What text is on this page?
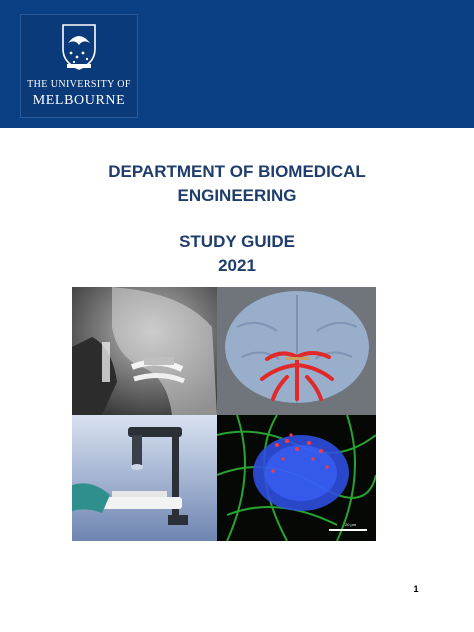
THE UNIVERSITY OF
MELBOURNE
DEPARTMENT OF BIOMEDICAL
ENGINEERING
STUDY GUIDE
2021
20 µm
1
